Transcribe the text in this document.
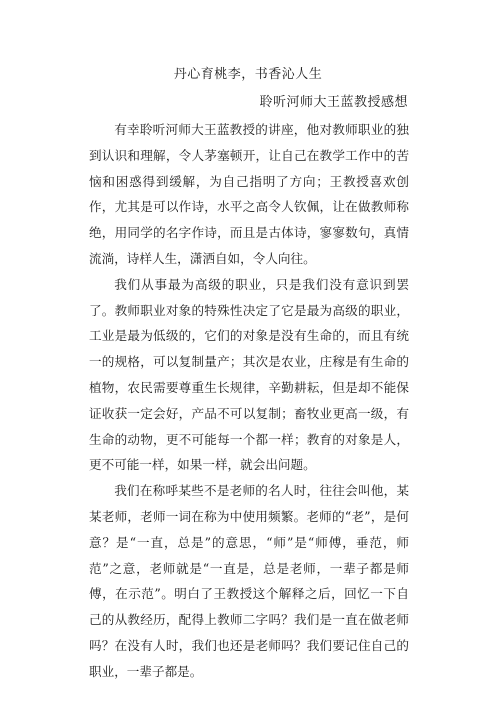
丹心育桃李，书香沁人生
聆听河师大王蓝教授感想

有幸聆听河师大王蓝教授的讲座，他对教师职业的独到认识和理解，令人茅塞顿开，让自己在教学工作中的苦恼和困惑得到缓解，为自己指明了方向；王教授喜欢创作，尤其是可以作诗，水平之高令人钦佩，让在做教师称绝，用同学的名字作诗，而且是古体诗，寥寥数句，真情流淌，诗样人生，潇洒自如，令人向往。

我们从事最为高级的职业，只是我们没有意识到罢了。教师职业对象的特殊性决定了它是最为高级的职业，工业是最为低级的，它们的对象是没有生命的，而且有统一的规格，可以复制量产；其次是农业，庄稼是有生命的植物，农民需要尊重生长规律，辛勤耕耘，但是却不能保证收获一定会好，产品不可以复制；畜牧业更高一级，有生命的动物，更不可能每一个都一样；教育的对象是人，更不可能一样，如果一样，就会出问题。

我们在称呼某些不是老师的名人时，往往会叫他，某某老师，老师一词在称为中使用频繁。老师的“老”，是何意？是“一直，总是”的意思，“师”是“师傅，垂范，师范”之意，老师就是“一直是，总是老师，一辈子都是师傅，在示范”。明白了王教授这个解释之后，回忆一下自己的从教经历，配得上教师二字吗？我们是一直在做老师吗？在没有人时，我们也还是老师吗？我们要记住自己的职业，一辈子都是。
